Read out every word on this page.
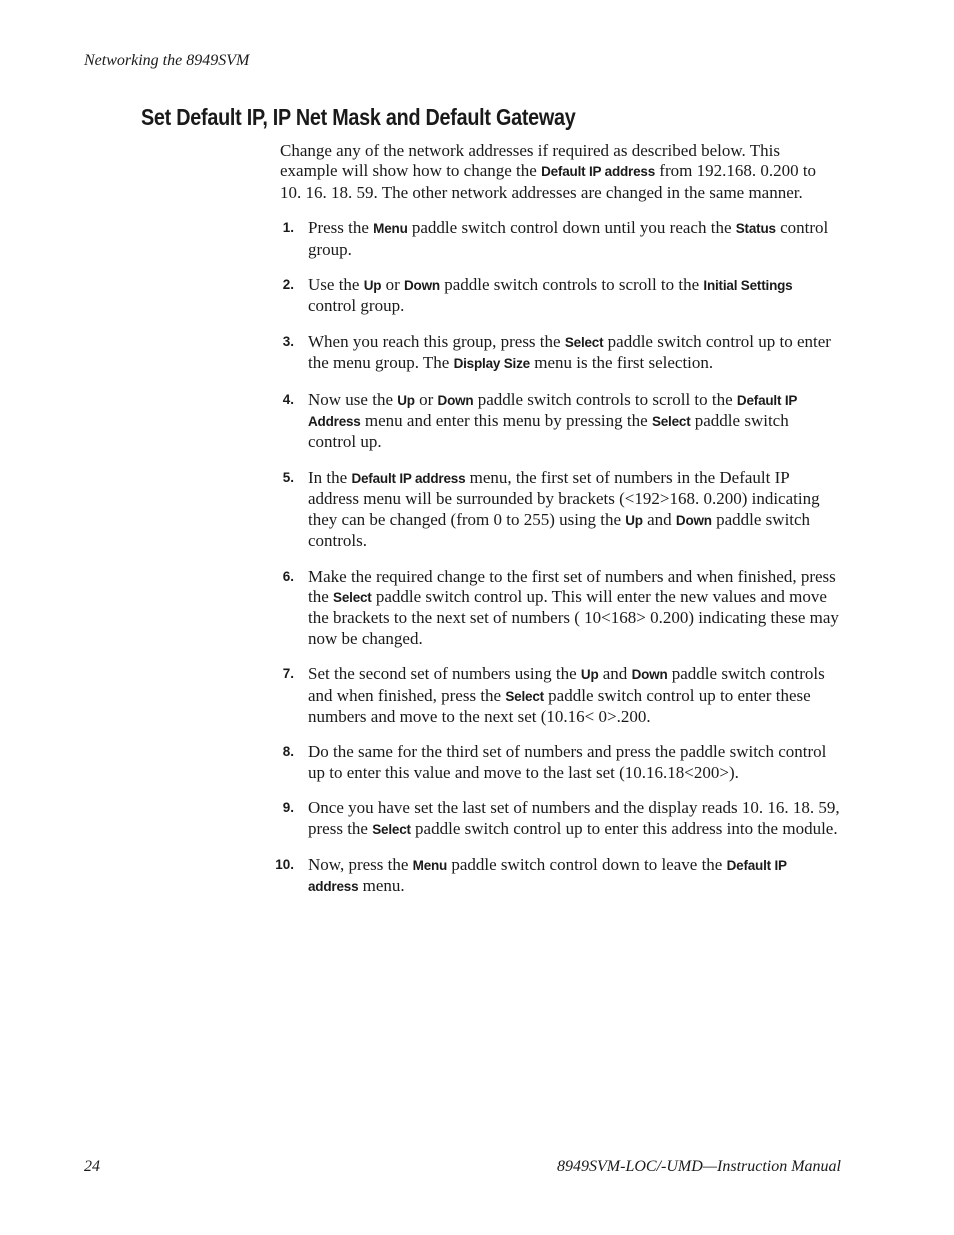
Networking the 8949SVM
Set Default IP, IP Net Mask and Default Gateway

Change any of the network addresses if required as described below. This example will show how to change the Default IP address from 192.168. 0.200 to 10. 16. 18. 59. The other network addresses are changed in the same manner.

1. Press the Menu paddle switch control down until you reach the Status control group.
2. Use the Up or Down paddle switch controls to scroll to the Initial Settings control group.
3. When you reach this group, press the Select paddle switch control up to enter the menu group. The Display Size menu is the first selection.
4. Now use the Up or Down paddle switch controls to scroll to the Default IP Address menu and enter this menu by pressing the Select paddle switch control up.
5. In the Default IP address menu, the first set of numbers in the Default IP address menu will be surrounded by brackets (<192>168. 0.200) indicating they can be changed (from 0 to 255) using the Up and Down paddle switch controls.
6. Make the required change to the first set of numbers and when finished, press the Select paddle switch control up. This will enter the new values and move the brackets to the next set of numbers ( 10<168> 0.200) indicating these may now be changed.
7. Set the second set of numbers using the Up and Down paddle switch controls and when finished, press the Select paddle switch control up to enter these numbers and move to the next set (10.16< 0>.200.
8. Do the same for the third set of numbers and press the paddle switch control up to enter this value and move to the last set (10.16.18<200>).
9. Once you have set the last set of numbers and the display reads 10. 16. 18. 59, press the Select paddle switch control up to enter this address into the module.
10. Now, press the Menu paddle switch control down to leave the Default IP address menu.
24	8949SVM-LOC/-UMD—Instruction Manual
